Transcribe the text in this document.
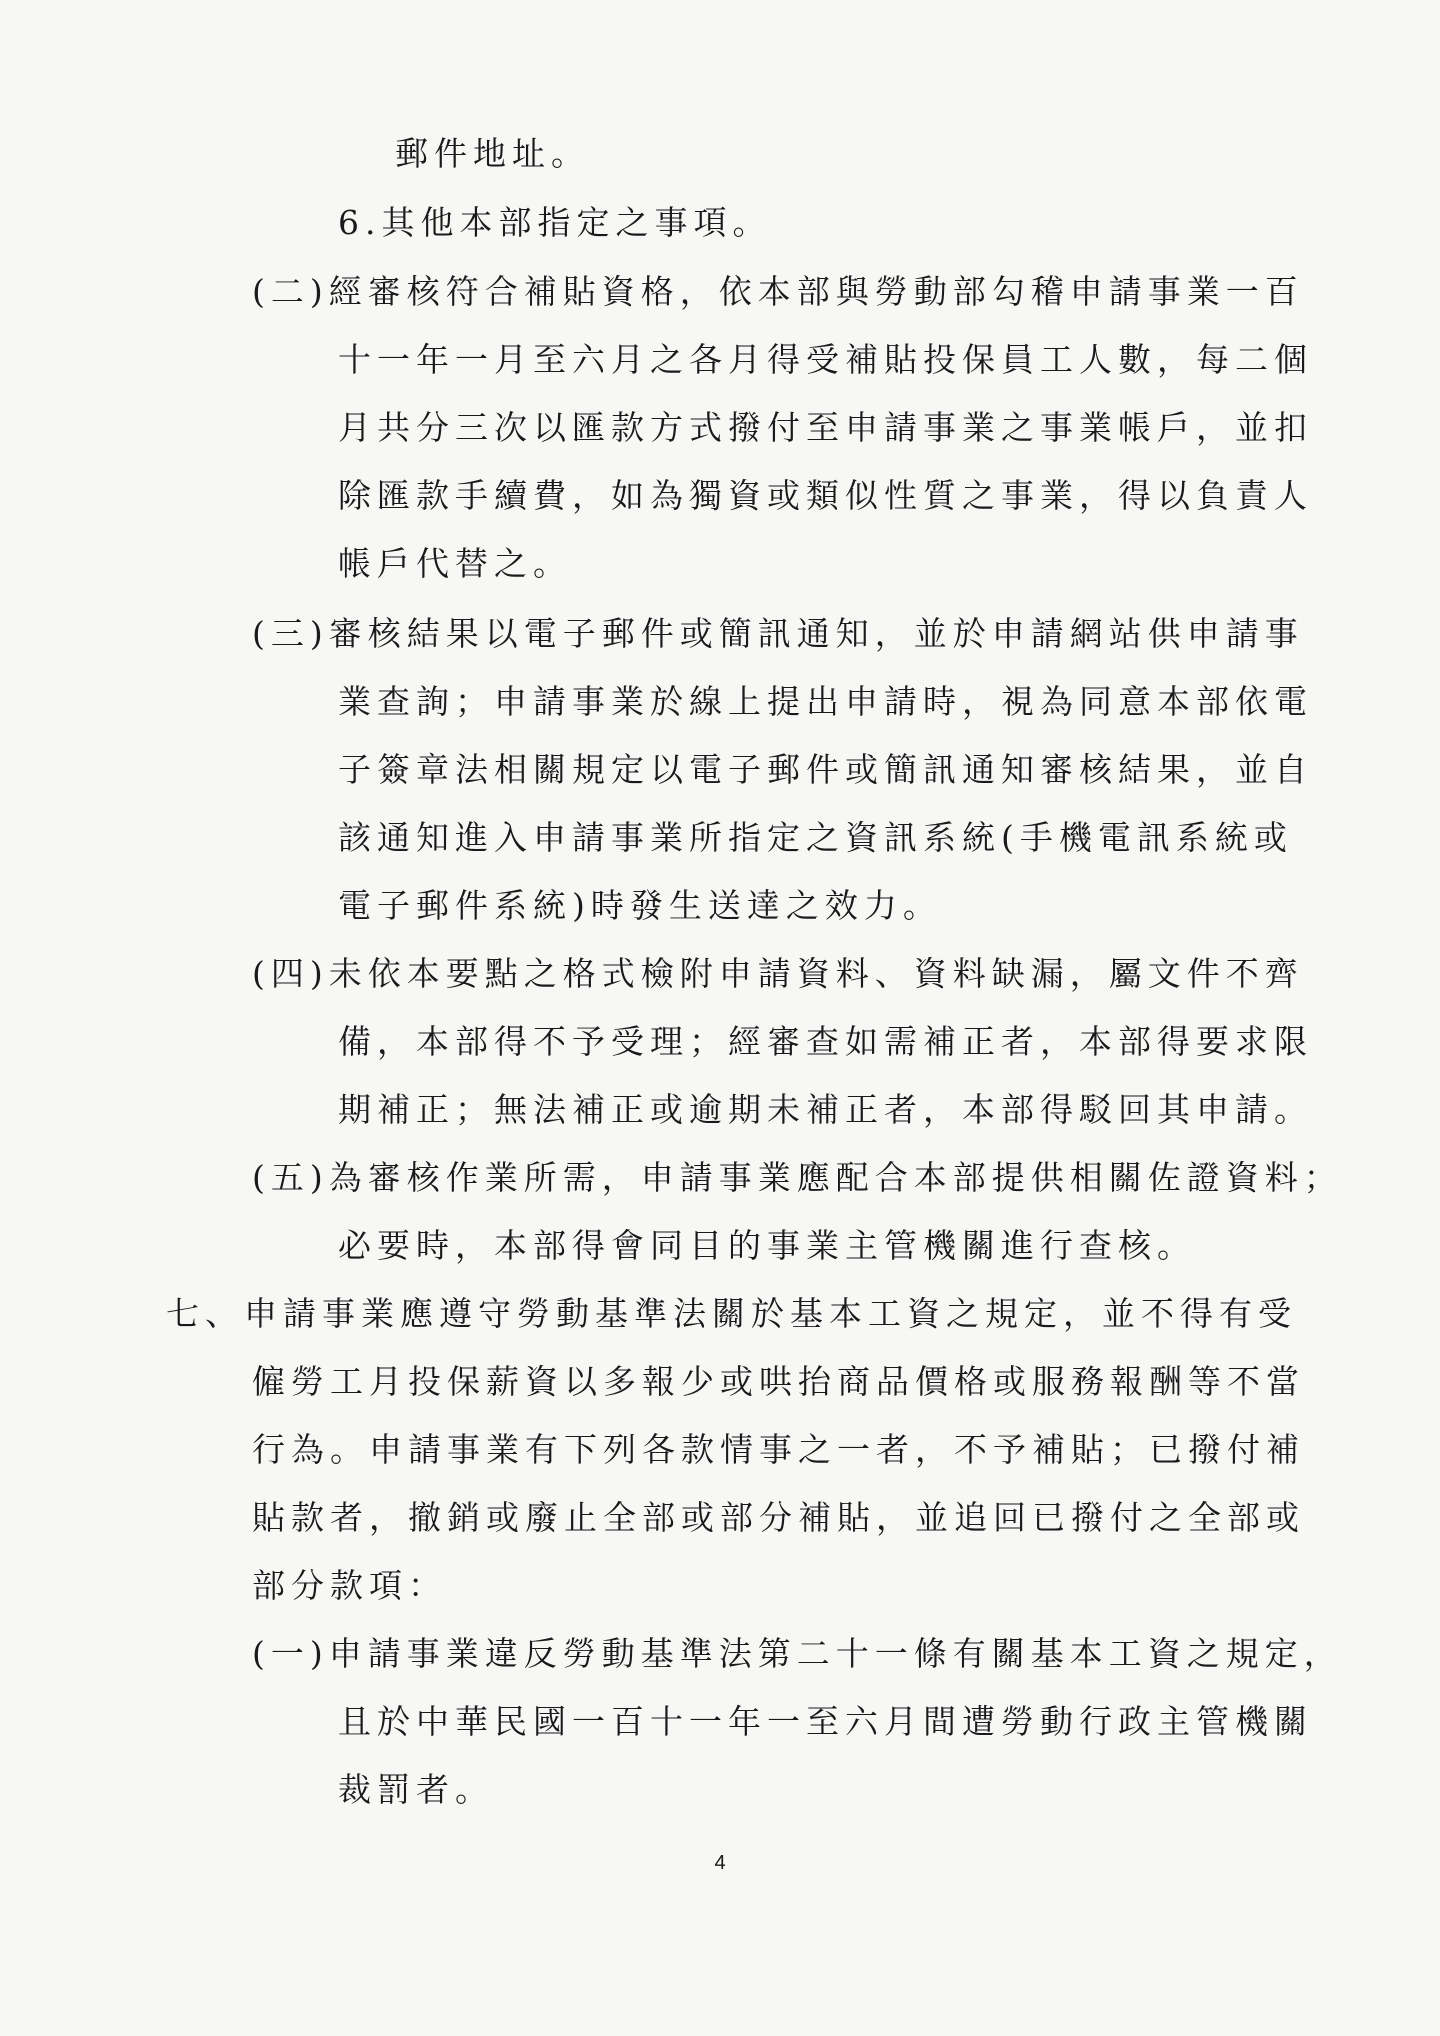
郵件地址。
6.其他本部指定之事項。
(二)經審核符合補貼資格，依本部與勞動部勾稽申請事業一百
十一年一月至六月之各月得受補貼投保員工人數，每二個
月共分三次以匯款方式撥付至申請事業之事業帳戶，並扣
除匯款手續費，如為獨資或類似性質之事業，得以負責人
帳戶代替之。
(三)審核結果以電子郵件或簡訊通知，並於申請網站供申請事
業查詢；申請事業於線上提出申請時，視為同意本部依電
子簽章法相關規定以電子郵件或簡訊通知審核結果，並自
該通知進入申請事業所指定之資訊系統(手機電訊系統或
電子郵件系統)時發生送達之效力。
(四)未依本要點之格式檢附申請資料、資料缺漏，屬文件不齊
備，本部得不予受理；經審查如需補正者，本部得要求限
期補正；無法補正或逾期未補正者，本部得駁回其申請。
(五)為審核作業所需，申請事業應配合本部提供相關佐證資料；
必要時，本部得會同目的事業主管機關進行查核。
七、申請事業應遵守勞動基準法關於基本工資之規定，並不得有受
僱勞工月投保薪資以多報少或哄抬商品價格或服務報酬等不當
行為。申請事業有下列各款情事之一者，不予補貼；已撥付補
貼款者，撤銷或廢止全部或部分補貼，並追回已撥付之全部或
部分款項：
(一)申請事業違反勞動基準法第二十一條有關基本工資之規定，
且於中華民國一百十一年一至六月間遭勞動行政主管機關
裁罰者。
4
